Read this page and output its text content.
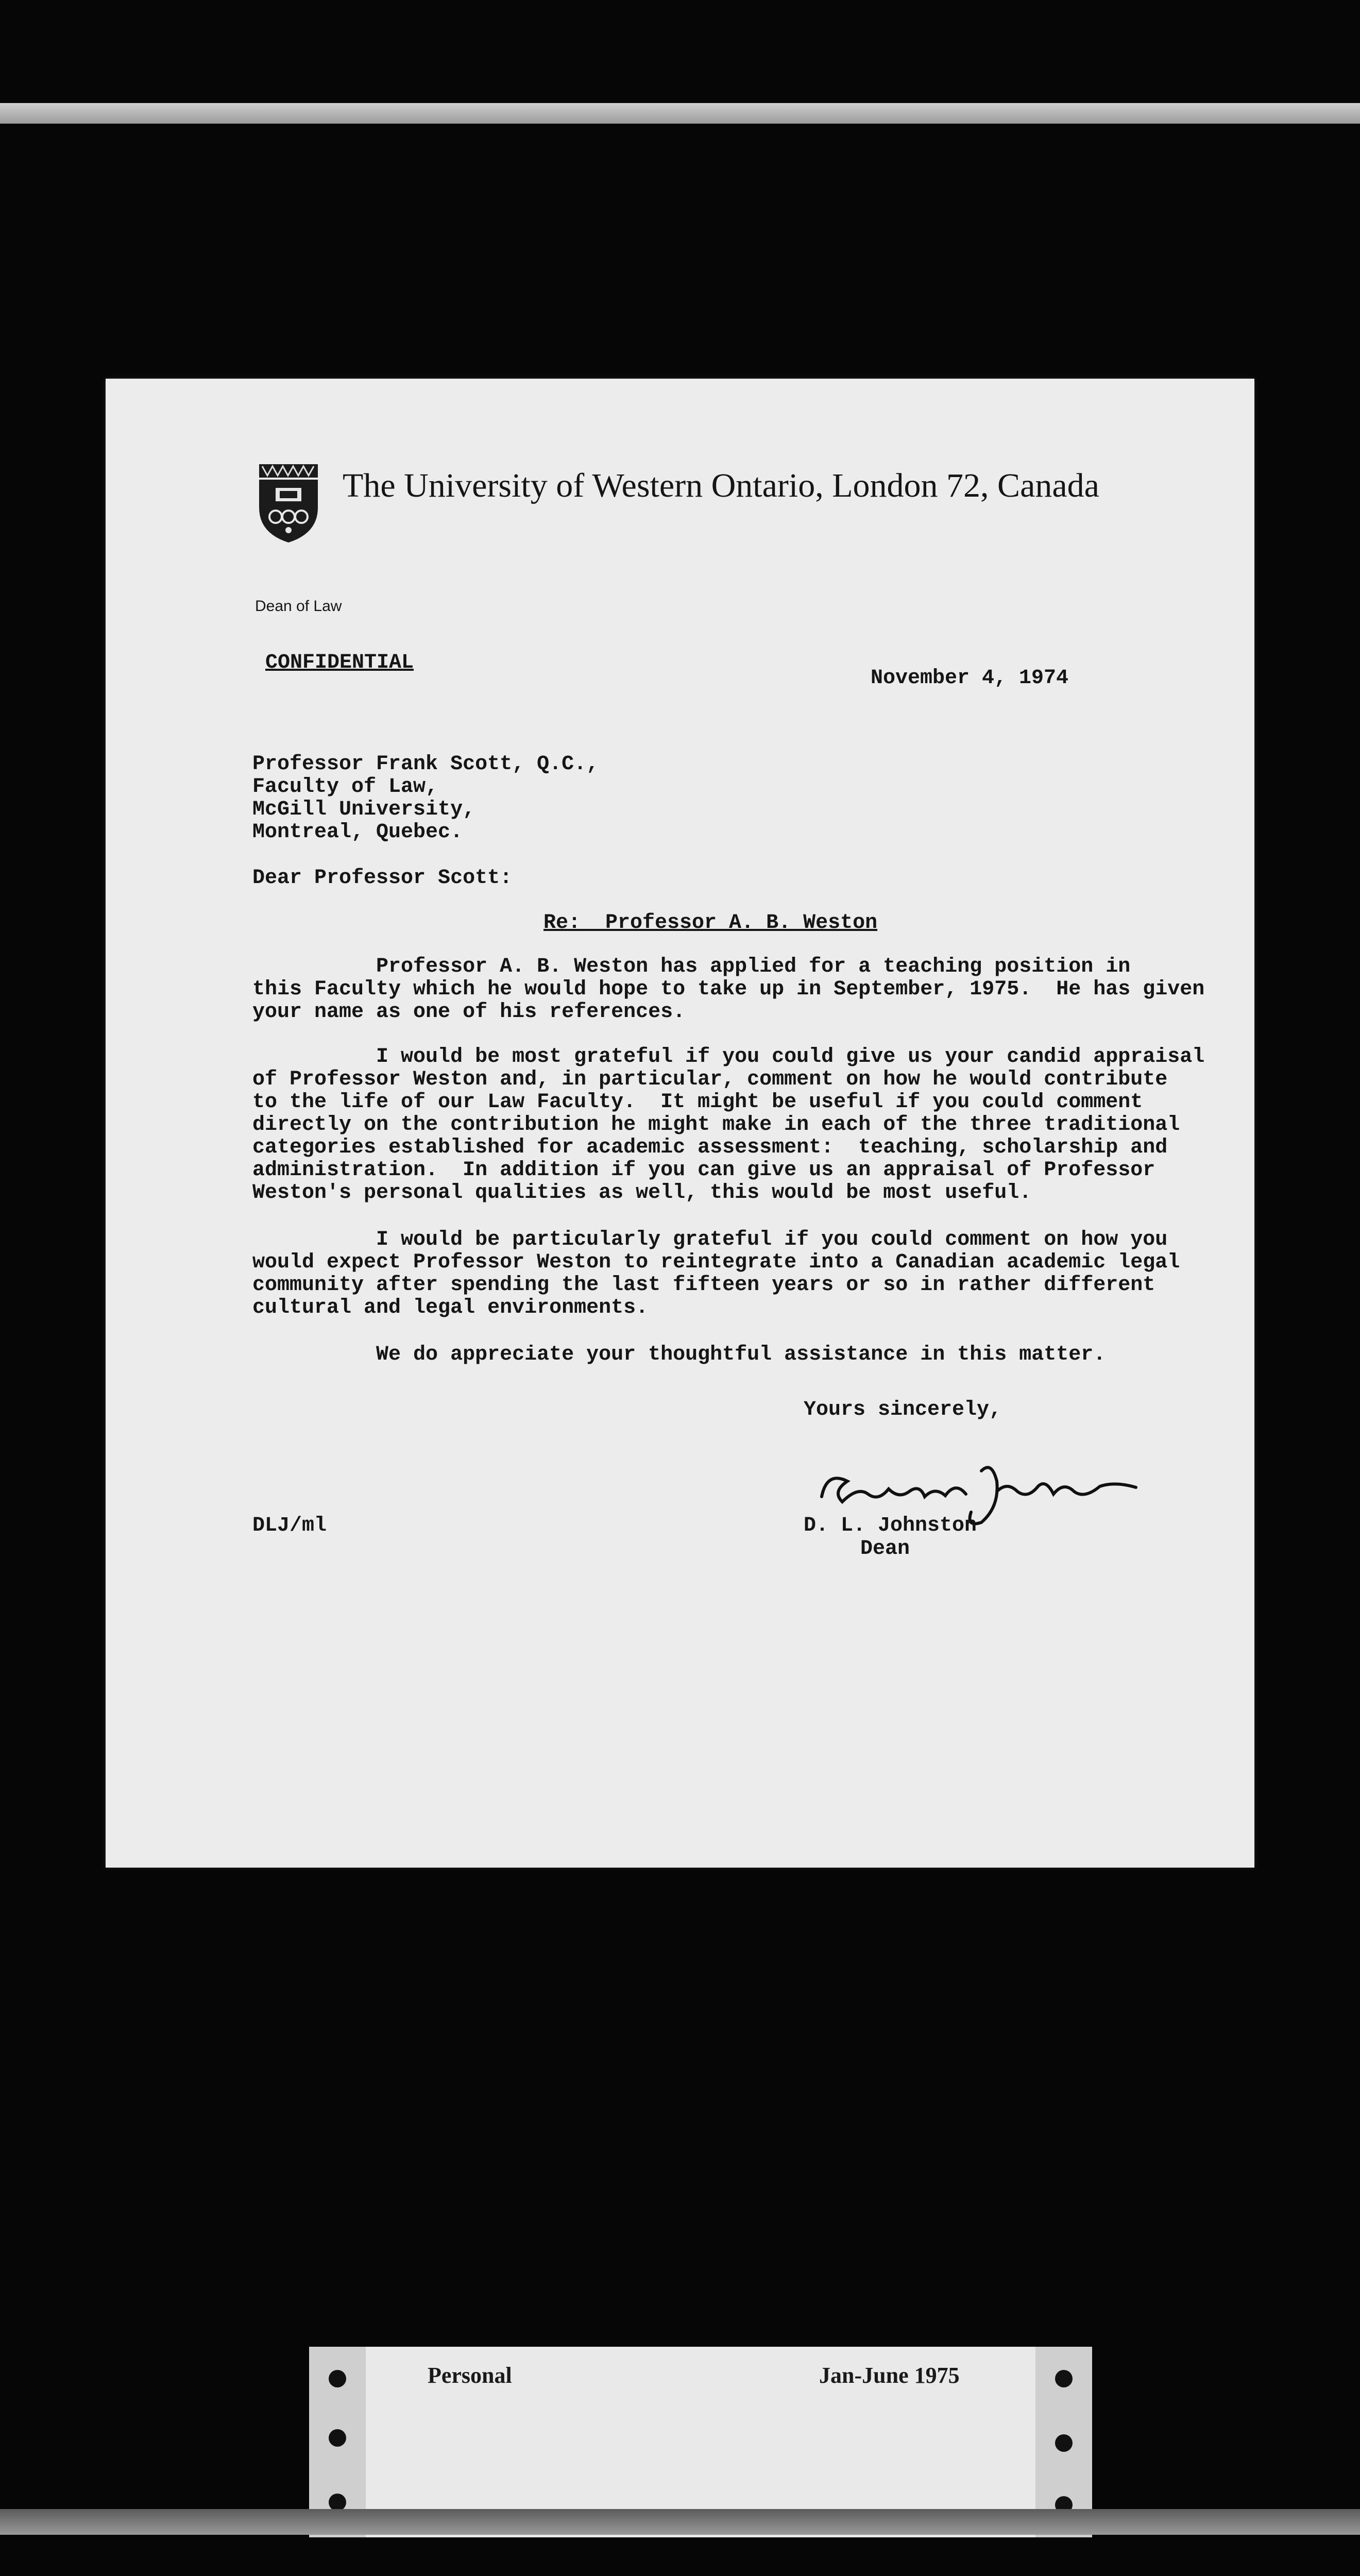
The University of Western Ontario, London 72, Canada
Dean of Law
CONFIDENTIAL
November 4, 1974
Professor Frank Scott, Q.C.,
Faculty of Law,
McGill University,
Montreal, Quebec.
Dear Professor Scott:
Re:  Professor A. B. Weston
Professor A. B. Weston has applied for a teaching position in
this Faculty which he would hope to take up in September, 1975.  He has given
your name as one of his references.
I would be most grateful if you could give us your candid appraisal
of Professor Weston and, in particular, comment on how he would contribute
to the life of our Law Faculty.  It might be useful if you could comment
directly on the contribution he might make in each of the three traditional
categories established for academic assessment:  teaching, scholarship and
administration.  In addition if you can give us an appraisal of Professor
Weston's personal qualities as well, this would be most useful.
I would be particularly grateful if you could comment on how you
would expect Professor Weston to reintegrate into a Canadian academic legal
community after spending the last fifteen years or so in rather different
cultural and legal environments.
We do appreciate your thoughtful assistance in this matter.
Yours sincerely,
D. L. Johnston
Dean
DLJ/ml
Personal	Jan-June 1975
